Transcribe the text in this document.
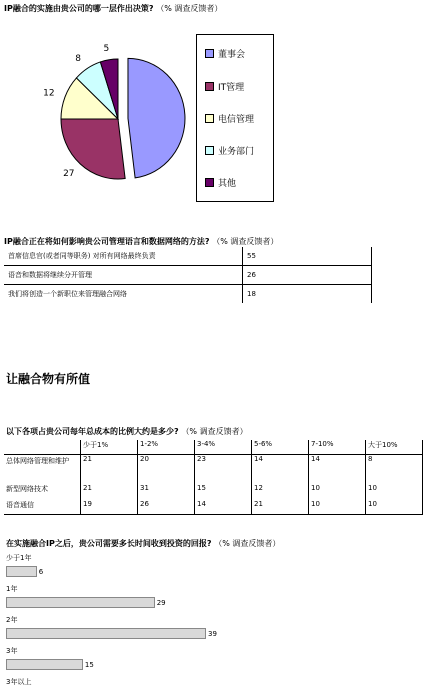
IP融合的实施由贵公司的哪一层作出决策? （% 调查反馈者）
27
12
8
5
董事会
IT管理
电信管理
业务部门
其他
IP融合正在将如何影响贵公司管理语言和数据网络的方法? （% 调查反馈者）
首席信息官(或者同等职务) 对所有网络最终负责	55
语音和数据将继续分开管理	26
我们将创造一个新职位来管理融合网络	18
让融合物有所值
以下各项占贵公司每年总成本的比例大约是多少? （% 调查反馈者）
	少于1%	1-2%	3-4%	5-6%	7-10%	大于10%
总体网络管理和维护	21	20	23	14	14	8
新型网络技术	21	31	15	12	10	10
语音通信	19	26	14	21	10	10
在实施融合IP之后，贵公司需要多长时间收到投资的回报? （% 调查反馈者）
少于1年
6
1年
29
2年
39
3年
15
3年以上
